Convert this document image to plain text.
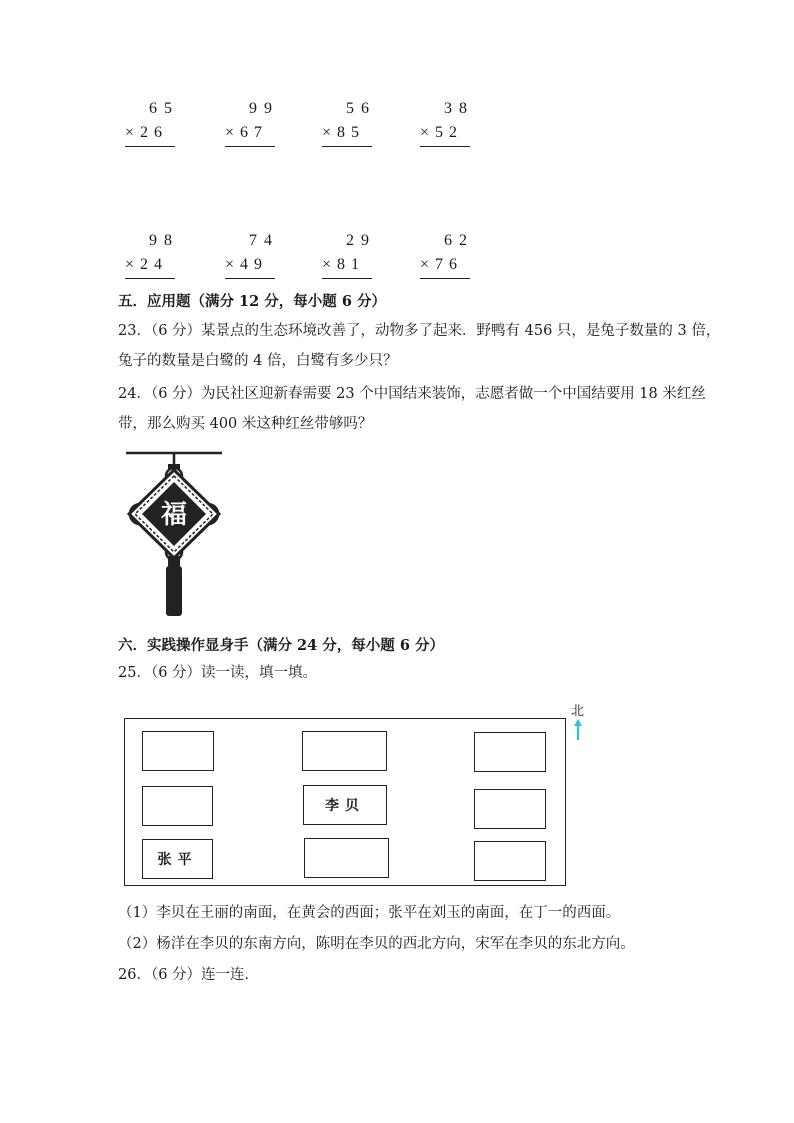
65
×26
99
×67
56
×85
38
×52
98
×24
74
×49
29
×81
62
×76
五．应用题（满分 12 分，每小题 6 分）
23．（6 分）某景点的生态环境改善了，动物多了起来．野鸭有 456 只，是兔子数量的 3 倍，
兔子的数量是白鹭的 4 倍，白鹭有多少只？
24．（6 分）为民社区迎新春需要 23 个中国结来装饰，志愿者做一个中国结要用 18 米红丝
带，那么购买 400 米这种红丝带够吗？
福
六．实践操作显身手（满分 24 分，每小题 6 分）
25．（6 分）读一读，填一填。
北
李贝
张平
（1）李贝在王丽的南面，在黄会的西面；张平在刘玉的南面，在丁一的西面。
（2）杨洋在李贝的东南方向，陈明在李贝的西北方向，宋军在李贝的东北方向。
26．（6 分）连一连．
